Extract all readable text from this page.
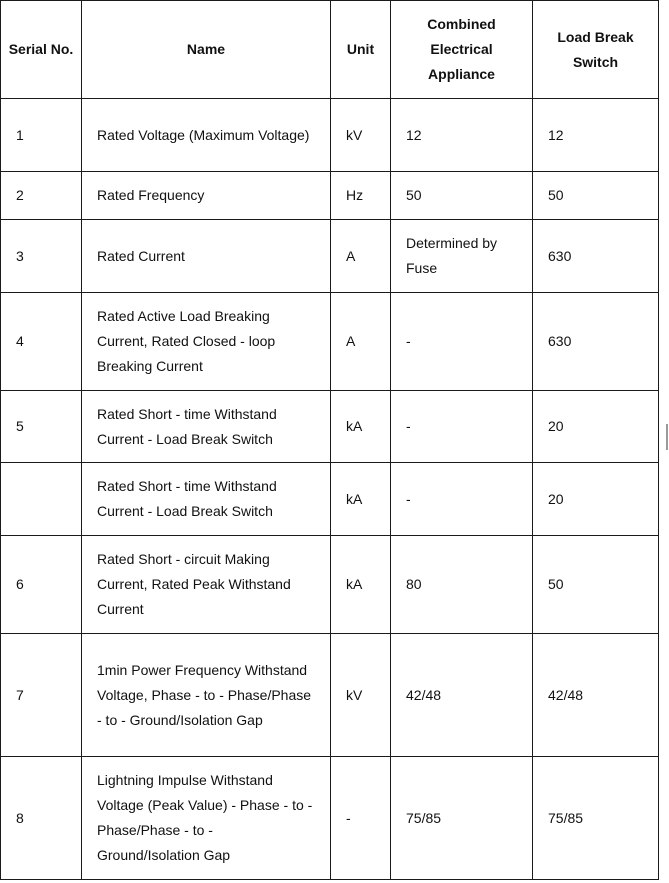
Serial No.	Name	Unit	Combined Electrical Appliance	Load Break Switch
1	Rated Voltage (Maximum Voltage)	kV	12	12
2	Rated Frequency	Hz	50	50
3	Rated Current	A	Determined by Fuse	630
4	Rated Active Load Breaking Current, Rated Closed - loop Breaking Current	A	-	630
5	Rated Short - time Withstand Current - Load Break Switch	kA	-	20
	Rated Short - time Withstand Current - Load Break Switch	kA	-	20
6	Rated Short - circuit Making Current, Rated Peak Withstand Current	kA	80	50
7	1min Power Frequency Withstand Voltage, Phase - to - Phase/Phase - to - Ground/Isolation Gap	kV	42/48	42/48
8	Lightning Impulse Withstand Voltage (Peak Value) - Phase - to - Phase/Phase - to - Ground/Isolation Gap	-	75/85	75/85
